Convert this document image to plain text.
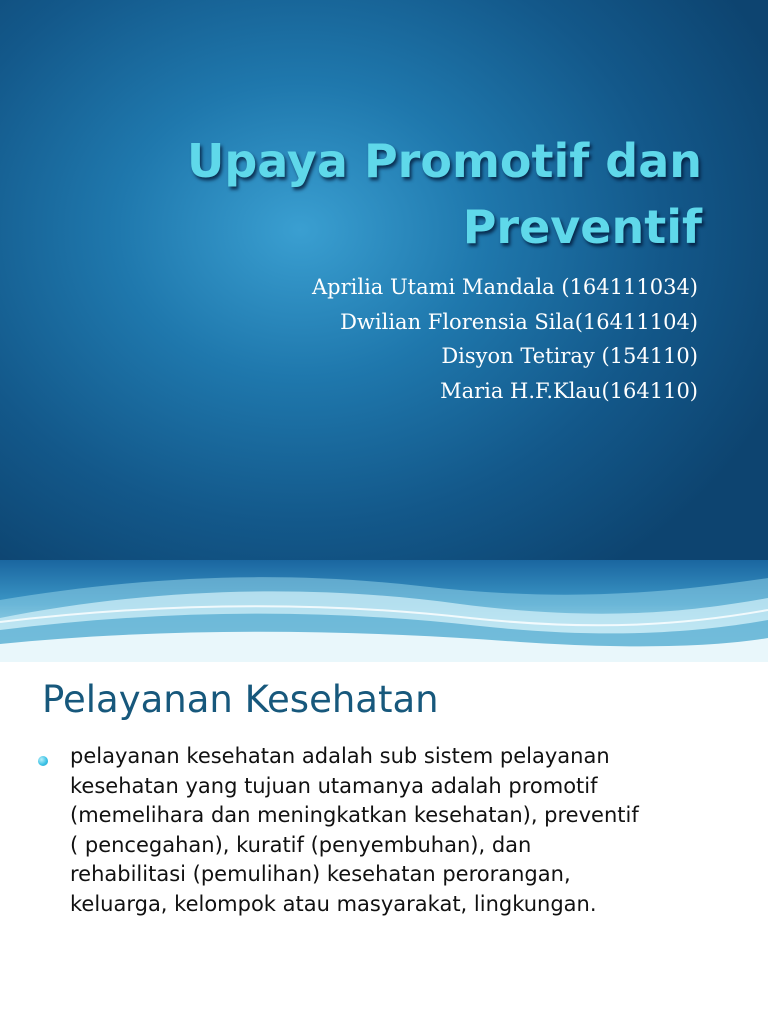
Upaya Promotif dan
Preventif
Aprilia Utami Mandala (164111034)
Dwilian Florensia Sila(16411104)
Disyon Tetiray (154110)
Maria H.F.Klau(164110)
Pelayanan Kesehatan
pelayanan kesehatan adalah sub sistem pelayanan
kesehatan yang tujuan utamanya adalah promotif
(memelihara dan meningkatkan kesehatan), preventif
( pencegahan), kuratif (penyembuhan), dan
rehabilitasi (pemulihan) kesehatan perorangan,
keluarga, kelompok atau masyarakat, lingkungan.
